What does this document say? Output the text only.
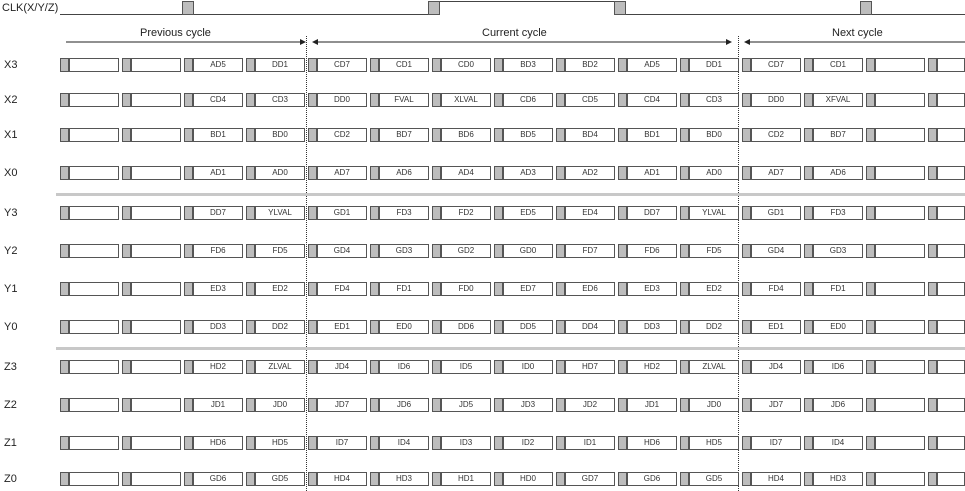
CLK(X/Y/Z)
Previous cycle	Current cycle	Next cycle
X3	AD5	DD1	CD7	CD1	CD0	BD3	BD2	AD5	DD1	CD7	CD1
X2	CD4	CD3	DD0	FVAL	XLVAL	CD6	CD5	CD4	CD3	DD0	XFVAL
X1	BD1	BD0	CD2	BD7	BD6	BD5	BD4	BD1	BD0	CD2	BD7
X0	AD1	AD0	AD7	AD6	AD4	AD3	AD2	AD1	AD0	AD7	AD6
Y3	DD7	YLVAL	GD1	FD3	FD2	ED5	ED4	DD7	YLVAL	GD1	FD3
Y2	FD6	FD5	GD4	GD3	GD2	GD0	FD7	FD6	FD5	GD4	GD3
Y1	ED3	ED2	FD4	FD1	FD0	ED7	ED6	ED3	ED2	FD4	FD1
Y0	DD3	DD2	ED1	ED0	DD6	DD5	DD4	DD3	DD2	ED1	ED0
Z3	HD2	ZLVAL	JD4	ID6	ID5	ID0	HD7	HD2	ZLVAL	JD4	ID6
Z2	JD1	JD0	JD7	JD6	JD5	JD3	JD2	JD1	JD0	JD7	JD6
Z1	HD6	HD5	ID7	ID4	ID3	ID2	ID1	HD6	HD5	ID7	ID4
Z0	GD6	GD5	HD4	HD3	HD1	HD0	GD7	GD6	GD5	HD4	HD3
